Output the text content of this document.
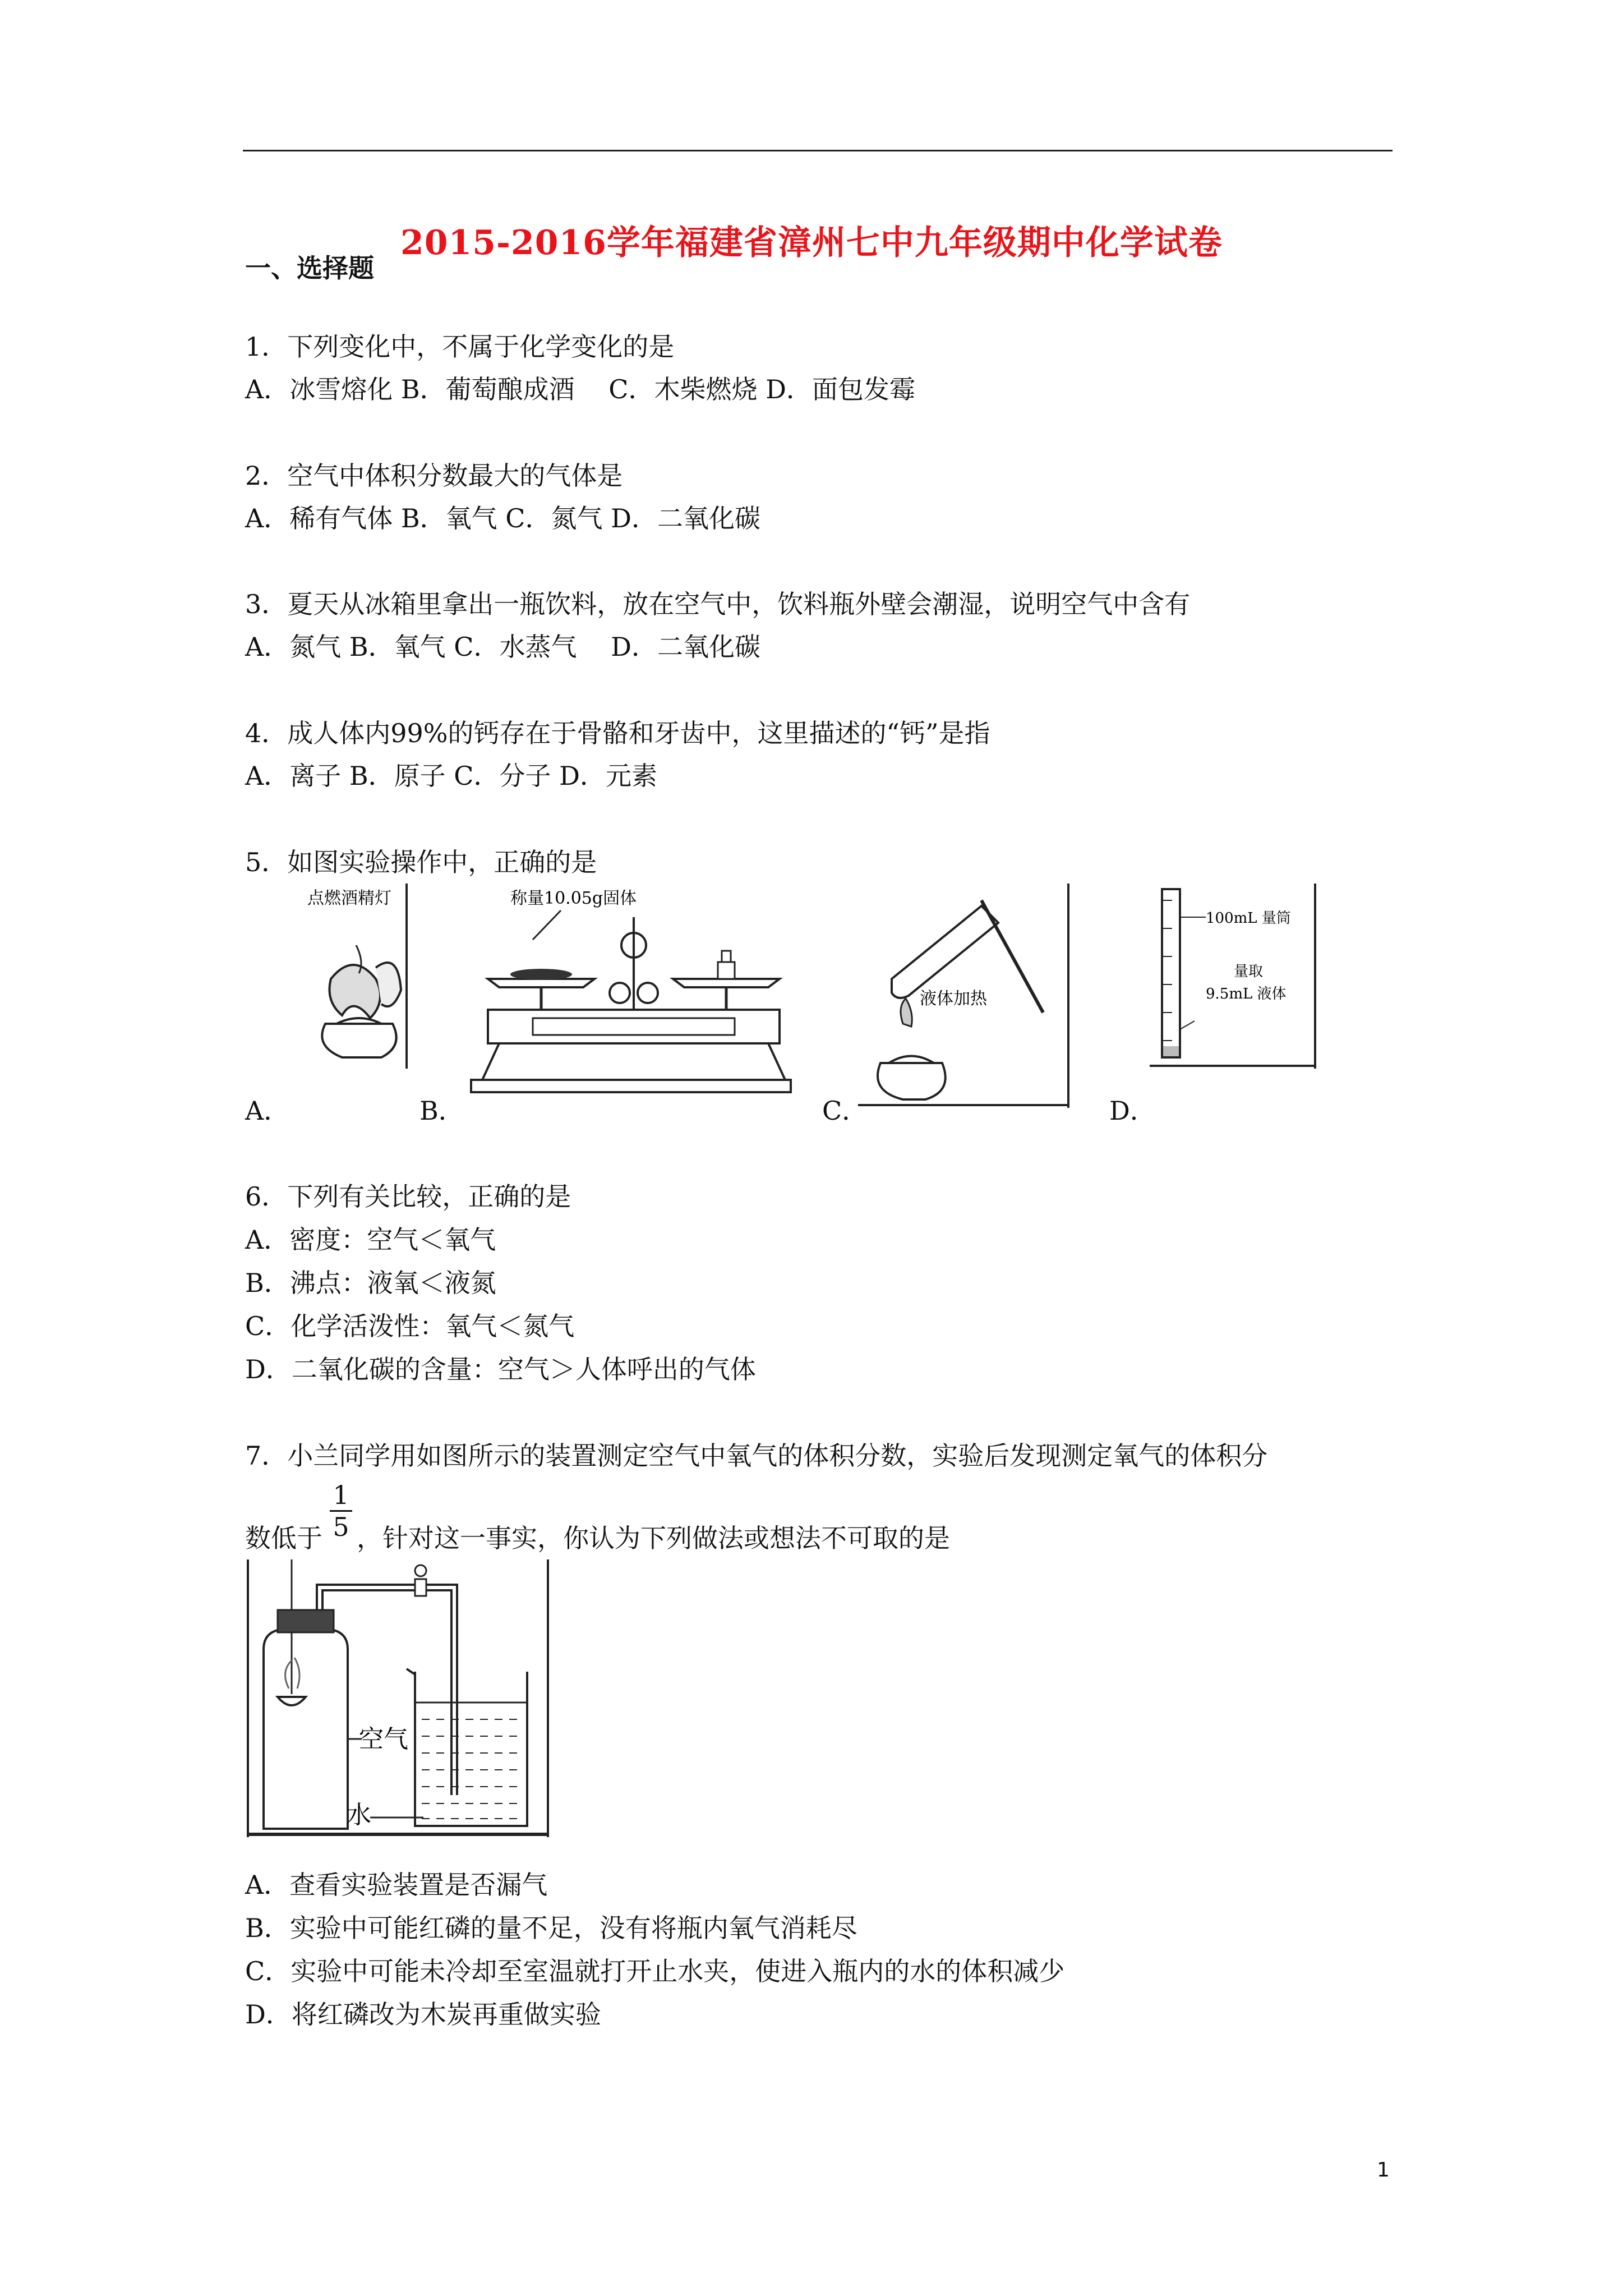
2015-2016学年福建省漳州七中九年级期中化学试卷
一、选择题
1．下列变化中，不属于化学变化的是
A．冰雪熔化 B．葡萄酿成酒　 C．木柴燃烧 D．面包发霉
2．空气中体积分数最大的气体是
A．稀有气体 B．氧气 C．氮气 D．二氧化碳
3．夏天从冰箱里拿出一瓶饮料，放在空气中，饮料瓶外壁会潮湿，说明空气中含有
A．氮气 B．氧气 C．水蒸气　 D．二氧化碳
4．成人体内99%的钙存在于骨骼和牙齿中，这里描述的“钙”是指
A．离子 B．原子 C．分子 D．元素
5．如图实验操作中，正确的是
点燃酒精灯	称量10.05g固体
液体加热
100mL 量筒
量取
9.5mL 液体
A．	B．	C．	D．
6．下列有关比较，正确的是
A．密度：空气＜氧气
B．沸点：液氧＜液氮
C．化学活泼性：氧气＜氮气
D．二氧化碳的含量：空气＞人体呼出的气体
7．小兰同学用如图所示的装置测定空气中氧气的体积分数，实验后发现测定氧气的体积分
数低于
1
5 ，针对这一事实，你认为下列做法或想法不可取的是
空气
水
A．查看实验装置是否漏气
B．实验中可能红磷的量不足，没有将瓶内氧气消耗尽
C．实验中可能未冷却至室温就打开止水夹，使进入瓶内的水的体积减少
D．将红磷改为木炭再重做实验
1
